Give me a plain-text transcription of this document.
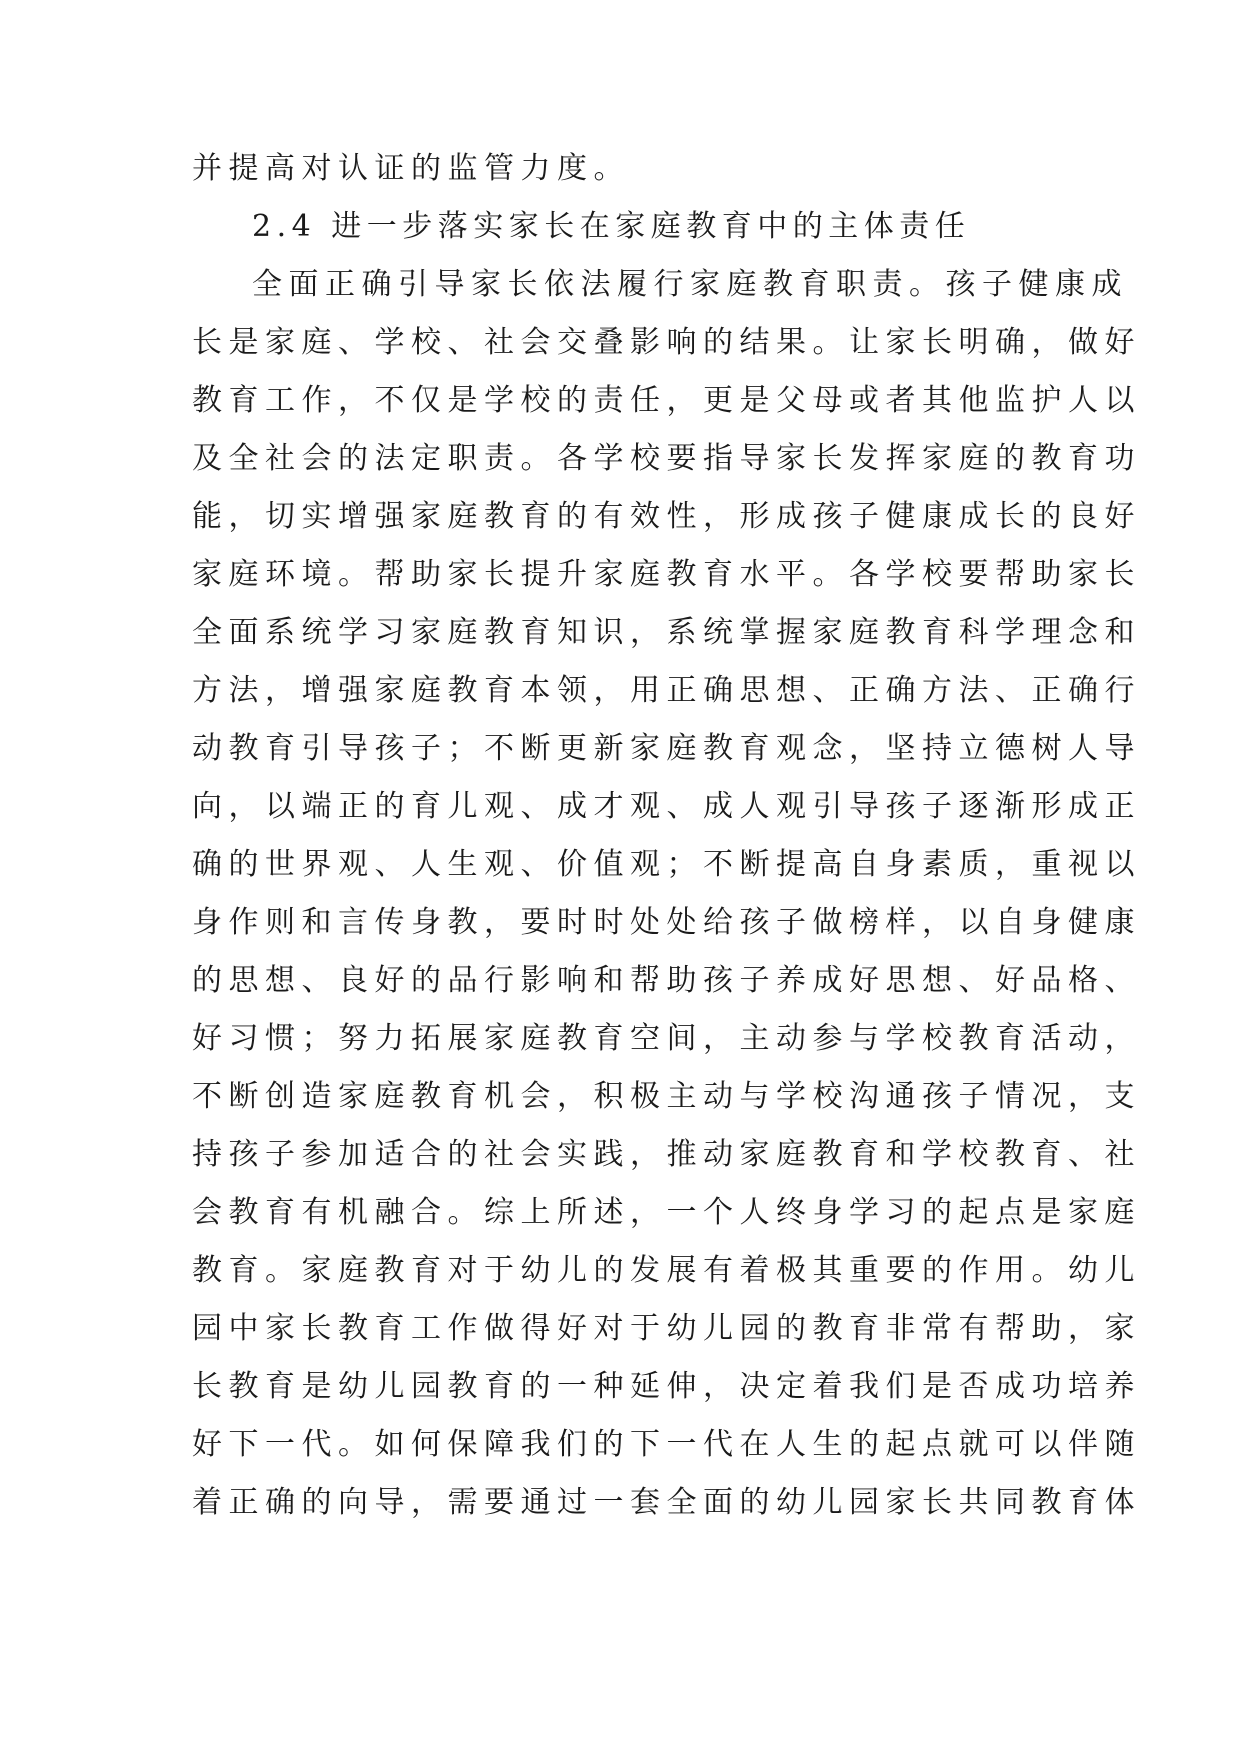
并提高对认证的监管力度。
2.4 进一步落实家长在家庭教育中的主体责任
全面正确引导家长依法履行家庭教育职责。孩子健康成
长是家庭、学校、社会交叠影响的结果。让家长明确，做好
教育工作，不仅是学校的责任，更是父母或者其他监护人以
及全社会的法定职责。各学校要指导家长发挥家庭的教育功
能，切实增强家庭教育的有效性，形成孩子健康成长的良好
家庭环境。帮助家长提升家庭教育水平。各学校要帮助家长
全面系统学习家庭教育知识，系统掌握家庭教育科学理念和
方法，增强家庭教育本领，用正确思想、正确方法、正确行
动教育引导孩子；不断更新家庭教育观念，坚持立德树人导
向，以端正的育儿观、成才观、成人观引导孩子逐渐形成正
确的世界观、人生观、价值观；不断提高自身素质，重视以
身作则和言传身教，要时时处处给孩子做榜样，以自身健康
的思想、良好的品行影响和帮助孩子养成好思想、好品格、
好习惯；努力拓展家庭教育空间，主动参与学校教育活动，
不断创造家庭教育机会，积极主动与学校沟通孩子情况，支
持孩子参加适合的社会实践，推动家庭教育和学校教育、社
会教育有机融合。综上所述，一个人终身学习的起点是家庭
教育。家庭教育对于幼儿的发展有着极其重要的作用。幼儿
园中家长教育工作做得好对于幼儿园的教育非常有帮助，家
长教育是幼儿园教育的一种延伸，决定着我们是否成功培养
好下一代。如何保障我们的下一代在人生的起点就可以伴随
着正确的向导，需要通过一套全面的幼儿园家长共同教育体
